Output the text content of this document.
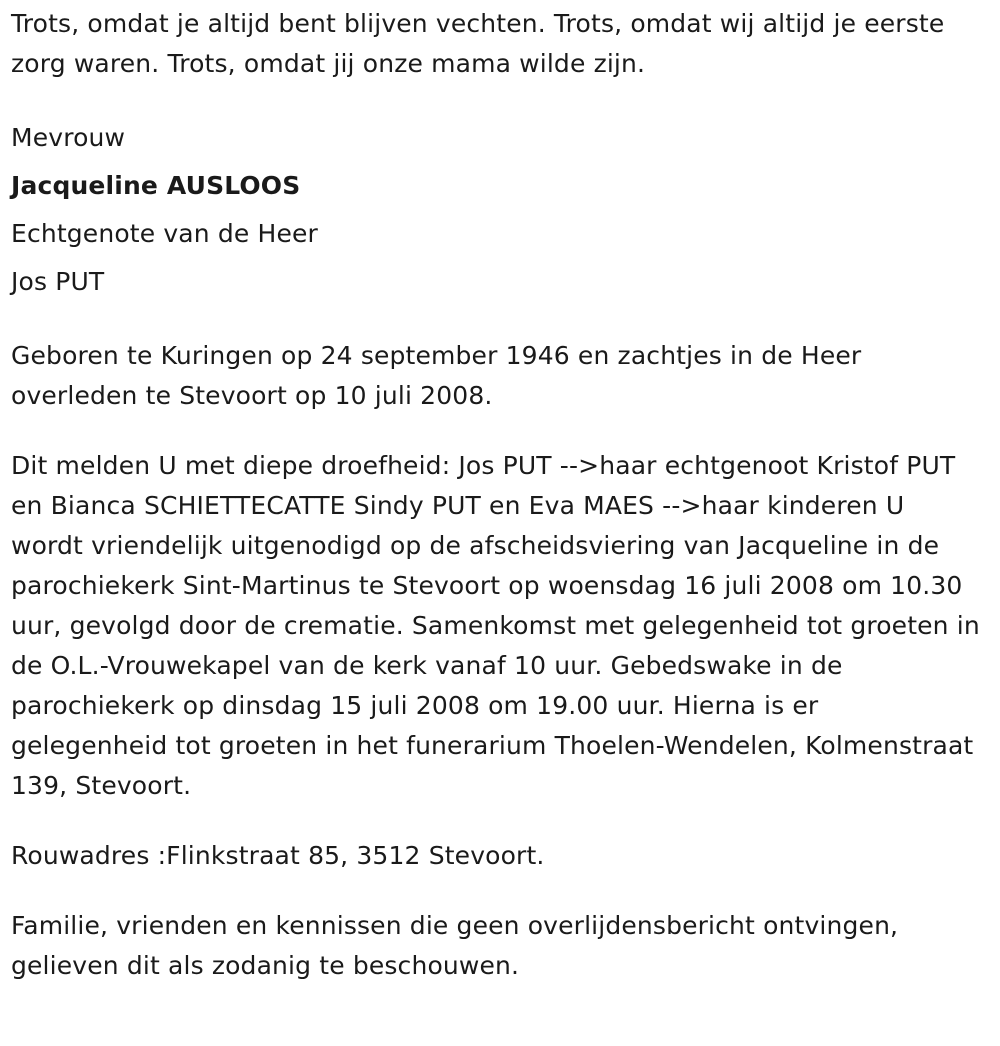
Trots, omdat je altijd bent blijven vechten. Trots, omdat wij altijd je eerste zorg waren. Trots, omdat jij onze mama wilde zijn.

Mevrouw

Jacqueline AUSLOOS

Echtgenote van de Heer

Jos PUT

Geboren te Kuringen op 24 september 1946 en zachtjes in de Heer overleden te Stevoort op 10 juli 2008.

Dit melden U met diepe droefheid: Jos PUT -->haar echtgenoot Kristof PUT en Bianca SCHIETTECATTE Sindy PUT en Eva MAES -->haar kinderen U wordt vriendelijk uitgenodigd op de afscheidsviering van Jacqueline in de parochiekerk Sint-Martinus te Stevoort op woensdag 16 juli 2008 om 10.30 uur, gevolgd door de crematie. Samenkomst met gelegenheid tot groeten in de O.L.-Vrouwekapel van de kerk vanaf 10 uur. Gebedswake in de parochiekerk op dinsdag 15 juli 2008 om 19.00 uur. Hierna is er gelegenheid tot groeten in het funerarium Thoelen-Wendelen, Kolmenstraat 139, Stevoort.

Rouwadres :Flinkstraat 85, 3512 Stevoort.

Familie, vrienden en kennissen die geen overlijdensbericht ontvingen, gelieven dit als zodanig te beschouwen.
